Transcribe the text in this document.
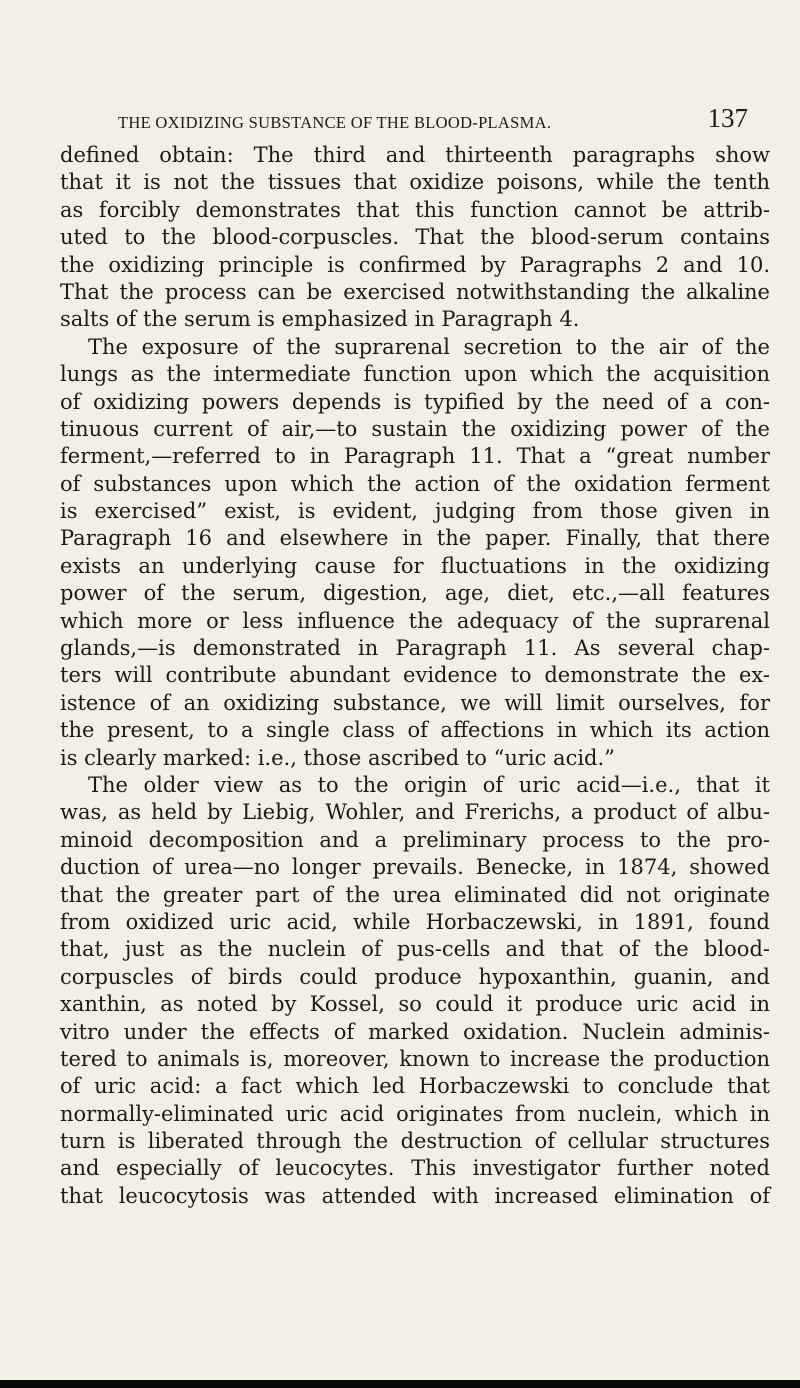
THE OXIDIZING SUBSTANCE OF THE BLOOD-PLASMA.	137
defined obtain: The third and thirteenth paragraphs show
that it is not the tissues that oxidize poisons, while the tenth
as forcibly demonstrates that this function cannot be attrib-
uted to the blood-corpuscles. That the blood-serum contains
the oxidizing principle is confirmed by Paragraphs 2 and 10.
That the process can be exercised notwithstanding the alkaline
salts of the serum is emphasized in Paragraph 4.
The exposure of the suprarenal secretion to the air of the
lungs as the intermediate function upon which the acquisition
of oxidizing powers depends is typified by the need of a con-
tinuous current of air,—to sustain the oxidizing power of the
ferment,—referred to in Paragraph 11. That a “great number
of substances upon which the action of the oxidation ferment
is exercised” exist, is evident, judging from those given in
Paragraph 16 and elsewhere in the paper. Finally, that there
exists an underlying cause for fluctuations in the oxidizing
power of the serum, digestion, age, diet, etc.,—all features
which more or less influence the adequacy of the suprarenal
glands,—is demonstrated in Paragraph 11. As several chap-
ters will contribute abundant evidence to demonstrate the ex-
istence of an oxidizing substance, we will limit ourselves, for
the present, to a single class of affections in which its action
is clearly marked: i.e., those ascribed to “uric acid.”
The older view as to the origin of uric acid—i.e., that it
was, as held by Liebig, Wohler, and Frerichs, a product of albu-
minoid decomposition and a preliminary process to the pro-
duction of urea—no longer prevails. Benecke, in 1874, showed
that the greater part of the urea eliminated did not originate
from oxidized uric acid, while Horbaczewski, in 1891, found
that, just as the nuclein of pus-cells and that of the blood-
corpuscles of birds could produce hypoxanthin, guanin, and
xanthin, as noted by Kossel, so could it produce uric acid in
vitro under the effects of marked oxidation. Nuclein adminis-
tered to animals is, moreover, known to increase the production
of uric acid: a fact which led Horbaczewski to conclude that
normally-eliminated uric acid originates from nuclein, which in
turn is liberated through the destruction of cellular structures
and especially of leucocytes. This investigator further noted
that leucocytosis was attended with increased elimination of
